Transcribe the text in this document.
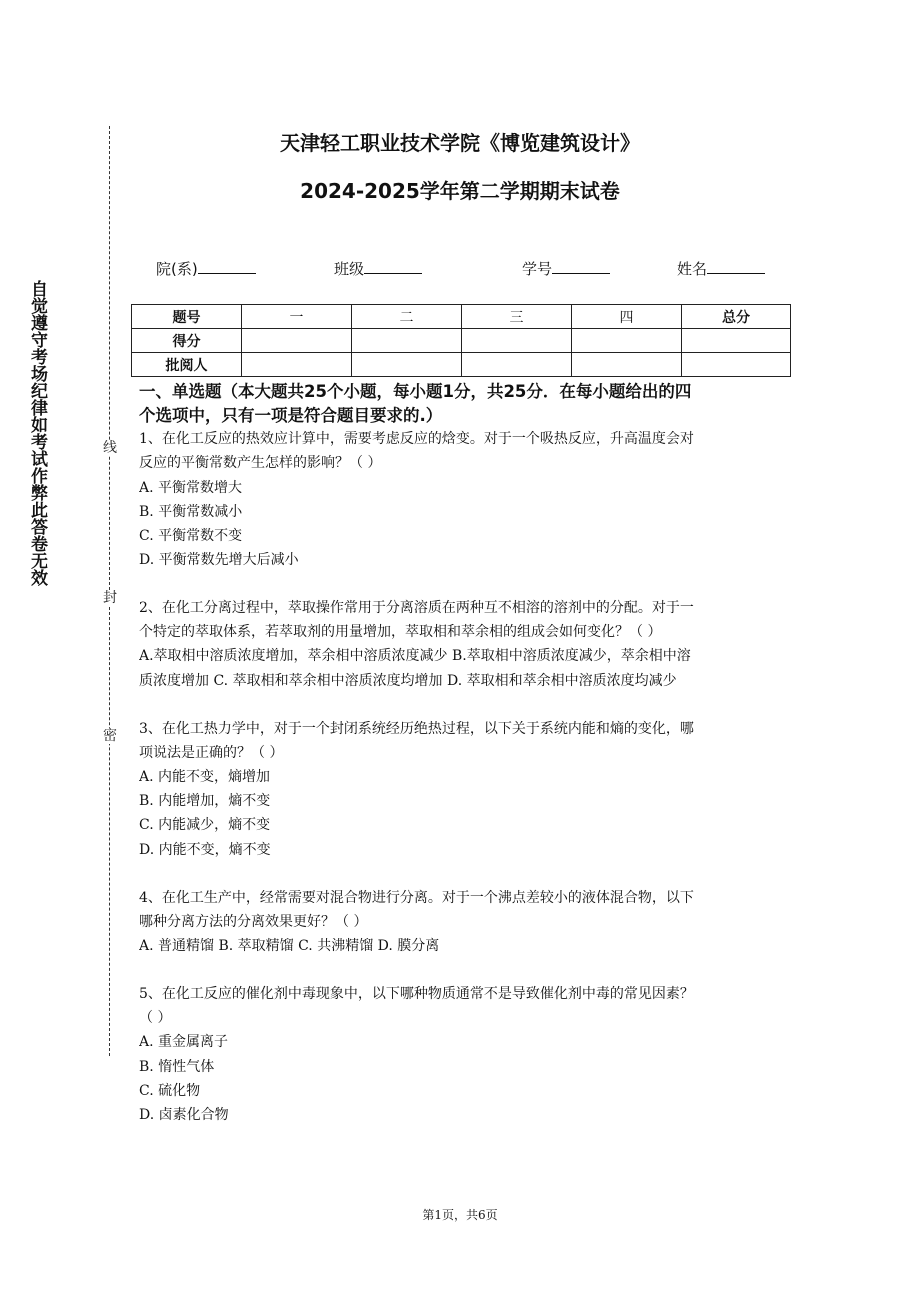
自觉遵守考场纪律如考试作弊此答卷无效	线
封
密
天津轻工职业技术学院《博览建筑设计》
2024-2025学年第二学期期末试卷
院(系)	班级	学号	姓名
题号	一	二	三	四	总分
得分					
批阅人					
一、单选题（本大题共25个小题，每小题1分，共25分．在每小题给出的四
个选项中，只有一项是符合题目要求的.）
1、在化工反应的热效应计算中，需要考虑反应的焓变。对于一个吸热反应，升高温度会对
反应的平衡常数产生怎样的影响？（ ）
A. 平衡常数增大
B. 平衡常数减小
C. 平衡常数不变
D. 平衡常数先增大后减小
2、在化工分离过程中，萃取操作常用于分离溶质在两种互不相溶的溶剂中的分配。对于一
个特定的萃取体系，若萃取剂的用量增加，萃取相和萃余相的组成会如何变化？（ ）
A.萃取相中溶质浓度增加，萃余相中溶质浓度减少 B.萃取相中溶质浓度减少，萃余相中溶
质浓度增加 C. 萃取相和萃余相中溶质浓度均增加 D. 萃取相和萃余相中溶质浓度均减少
3、在化工热力学中，对于一个封闭系统经历绝热过程，以下关于系统内能和熵的变化，哪
项说法是正确的？（ ）
A. 内能不变，熵增加
B. 内能增加，熵不变
C. 内能减少，熵不变
D. 内能不变，熵不变
4、在化工生产中，经常需要对混合物进行分离。对于一个沸点差较小的液体混合物，以下
哪种分离方法的分离效果更好？（ ）
A. 普通精馏 B. 萃取精馏 C. 共沸精馏 D. 膜分离
5、在化工反应的催化剂中毒现象中，以下哪种物质通常不是导致催化剂中毒的常见因素？
（ ）
A. 重金属离子
B. 惰性气体
C. 硫化物
D. 卤素化合物
第1页，共6页
